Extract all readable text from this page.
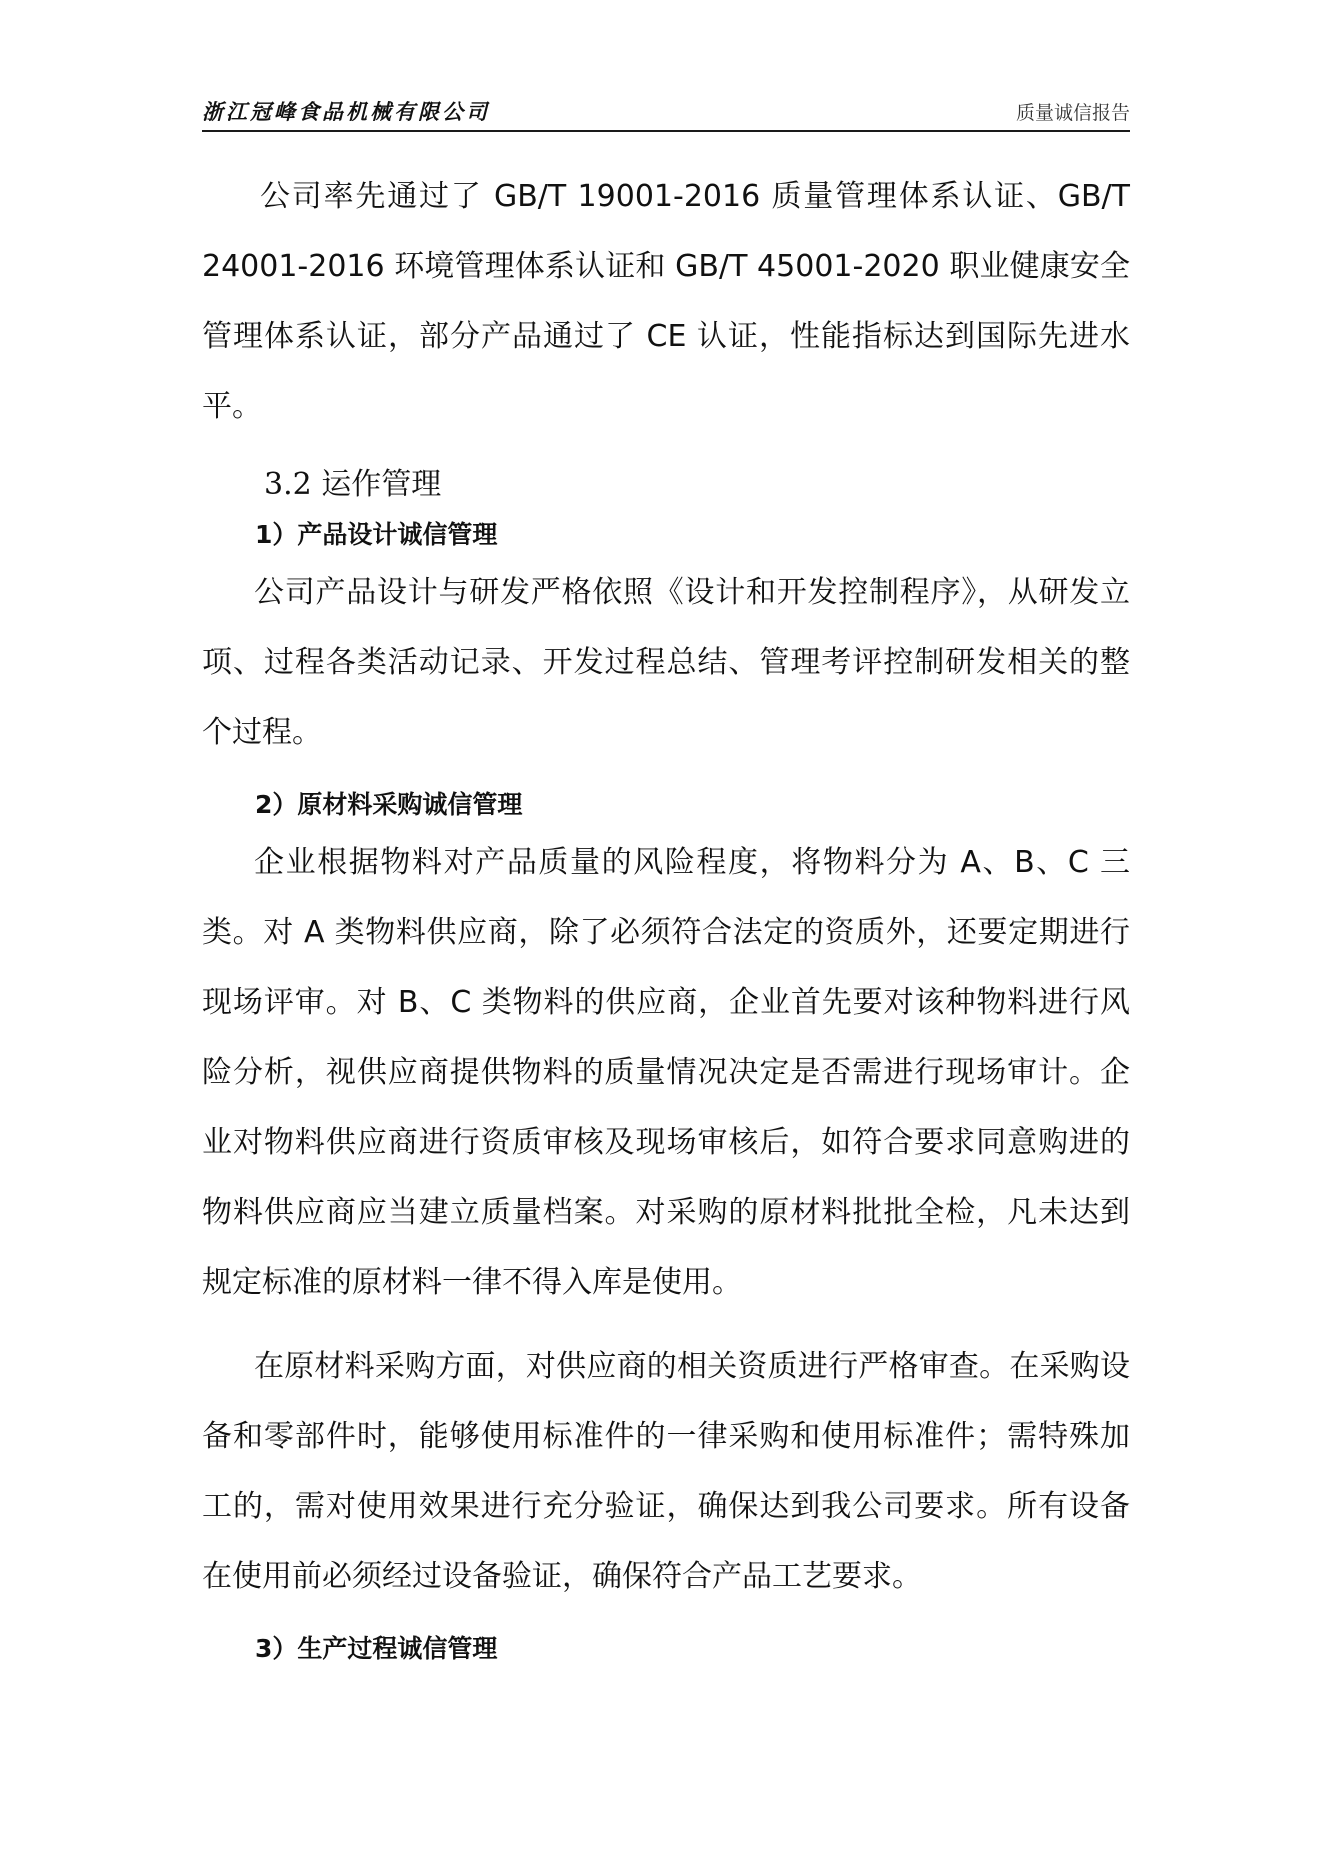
浙江冠峰食品机械有限公司	质量诚信报告

公司率先通过了 GB/T 19001-2016 质量管理体系认证、GB/T 24001-2016 环境管理体系认证和 GB/T 45001-2020 职业健康安全管理体系认证，部分产品通过了 CE 认证，性能指标达到国际先进水平。

3.2 运作管理
1）产品设计诚信管理

公司产品设计与研发严格依照《设计和开发控制程序》，从研发立项、过程各类活动记录、开发过程总结、管理考评控制研发相关的整个过程。

2）原材料采购诚信管理

企业根据物料对产品质量的风险程度，将物料分为 A、B、C 三类。对 A 类物料供应商，除了必须符合法定的资质外，还要定期进行现场评审。对 B、C 类物料的供应商，企业首先要对该种物料进行风险分析，视供应商提供物料的质量情况决定是否需进行现场审计。企业对物料供应商进行资质审核及现场审核后，如符合要求同意购进的物料供应商应当建立质量档案。对采购的原材料批批全检，凡未达到规定标准的原材料一律不得入库是使用。

在原材料采购方面，对供应商的相关资质进行严格审查。在采购设备和零部件时，能够使用标准件的一律采购和使用标准件；需特殊加工的，需对使用效果进行充分验证，确保达到我公司要求。所有设备在使用前必须经过设备验证，确保符合产品工艺要求。

3）生产过程诚信管理
